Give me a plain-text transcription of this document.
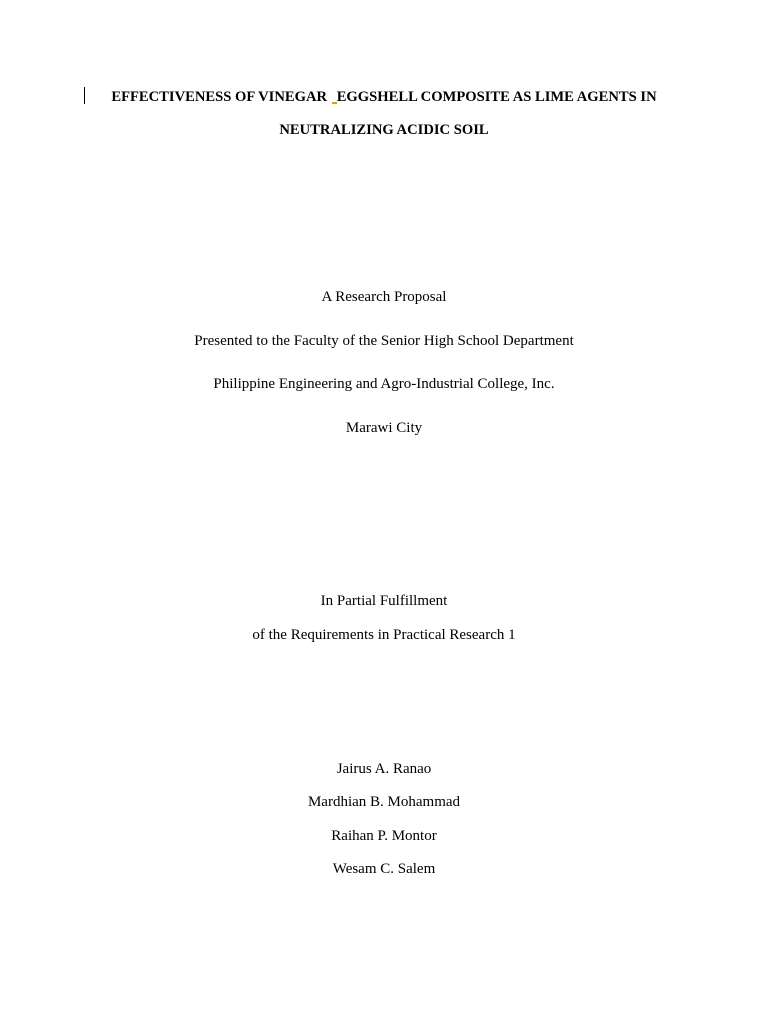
EFFECTIVENESS OF VINEGAR EGGSHELL COMPOSITE AS LIME AGENTS IN
NEUTRALIZING ACIDIC SOIL
A Research Proposal
Presented to the Faculty of the Senior High School Department
Philippine Engineering and Agro-Industrial College, Inc.
Marawi City
In Partial Fulfillment
of the Requirements in Practical Research 1
Jairus A. Ranao
Mardhian B. Mohammad
Raihan P. Montor
Wesam C. Salem
